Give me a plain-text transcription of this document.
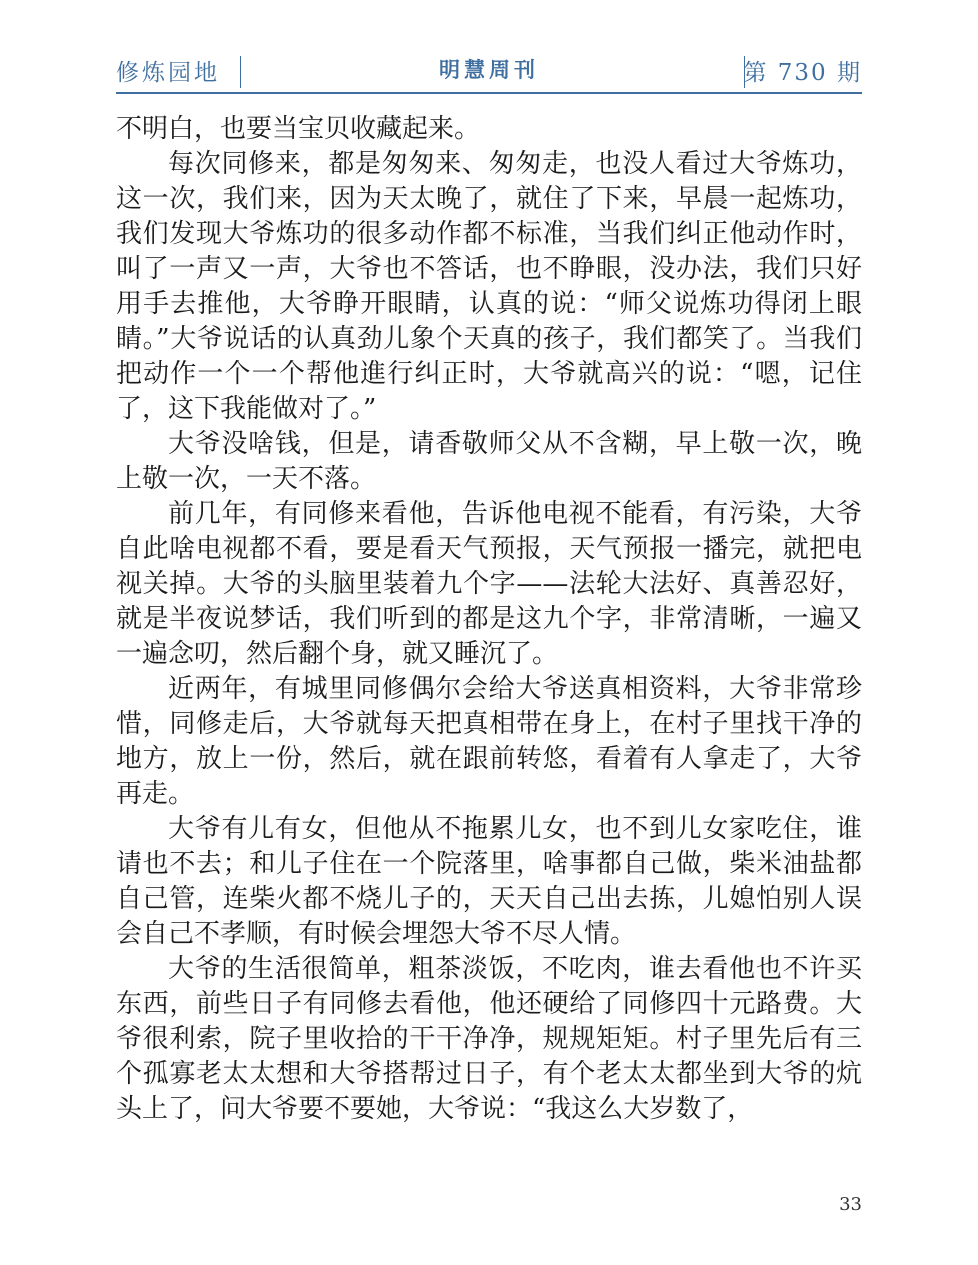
修炼园地	明慧周刊	第 730 期

不明白，也要当宝贝收藏起来。

每次同修来，都是匆匆来、匆匆走，也没人看过大爷炼功，这一次，我们来，因为天太晚了，就住了下来，早晨一起炼功，我们发现大爷炼功的很多动作都不标准，当我们纠正他动作时，叫了一声又一声，大爷也不答话，也不睁眼，没办法，我们只好用手去推他，大爷睁开眼睛，认真的说：“师父说炼功得闭上眼睛。”大爷说话的认真劲儿象个天真的孩子，我们都笑了。当我们把动作一个一个帮他進行纠正时，大爷就高兴的说：“嗯，记住了，这下我能做对了。”

大爷没啥钱，但是，请香敬师父从不含糊，早上敬一次，晚上敬一次，一天不落。

前几年，有同修来看他，告诉他电视不能看，有污染，大爷自此啥电视都不看，要是看天气预报，天气预报一播完，就把电视关掉。大爷的头脑里装着九个字——法轮大法好、真善忍好，就是半夜说梦话，我们听到的都是这九个字，非常清晰，一遍又一遍念叨，然后翻个身，就又睡沉了。

近两年，有城里同修偶尔会给大爷送真相资料，大爷非常珍惜，同修走后，大爷就每天把真相带在身上，在村子里找干净的地方，放上一份，然后，就在跟前转悠，看着有人拿走了，大爷再走。

大爷有儿有女，但他从不拖累儿女，也不到儿女家吃住，谁请也不去；和儿子住在一个院落里，啥事都自己做，柴米油盐都自己管，连柴火都不烧儿子的，天天自己出去拣，儿媳怕别人误会自己不孝顺，有时候会埋怨大爷不尽人情。

大爷的生活很简单，粗茶淡饭，不吃肉，谁去看他也不许买东西，前些日子有同修去看他，他还硬给了同修四十元路费。大爷很利索，院子里收拾的干干净净，规规矩矩。村子里先后有三个孤寡老太太想和大爷搭帮过日子，有个老太太都坐到大爷的炕头上了，问大爷要不要她，大爷说：“我这么大岁数了，

33
